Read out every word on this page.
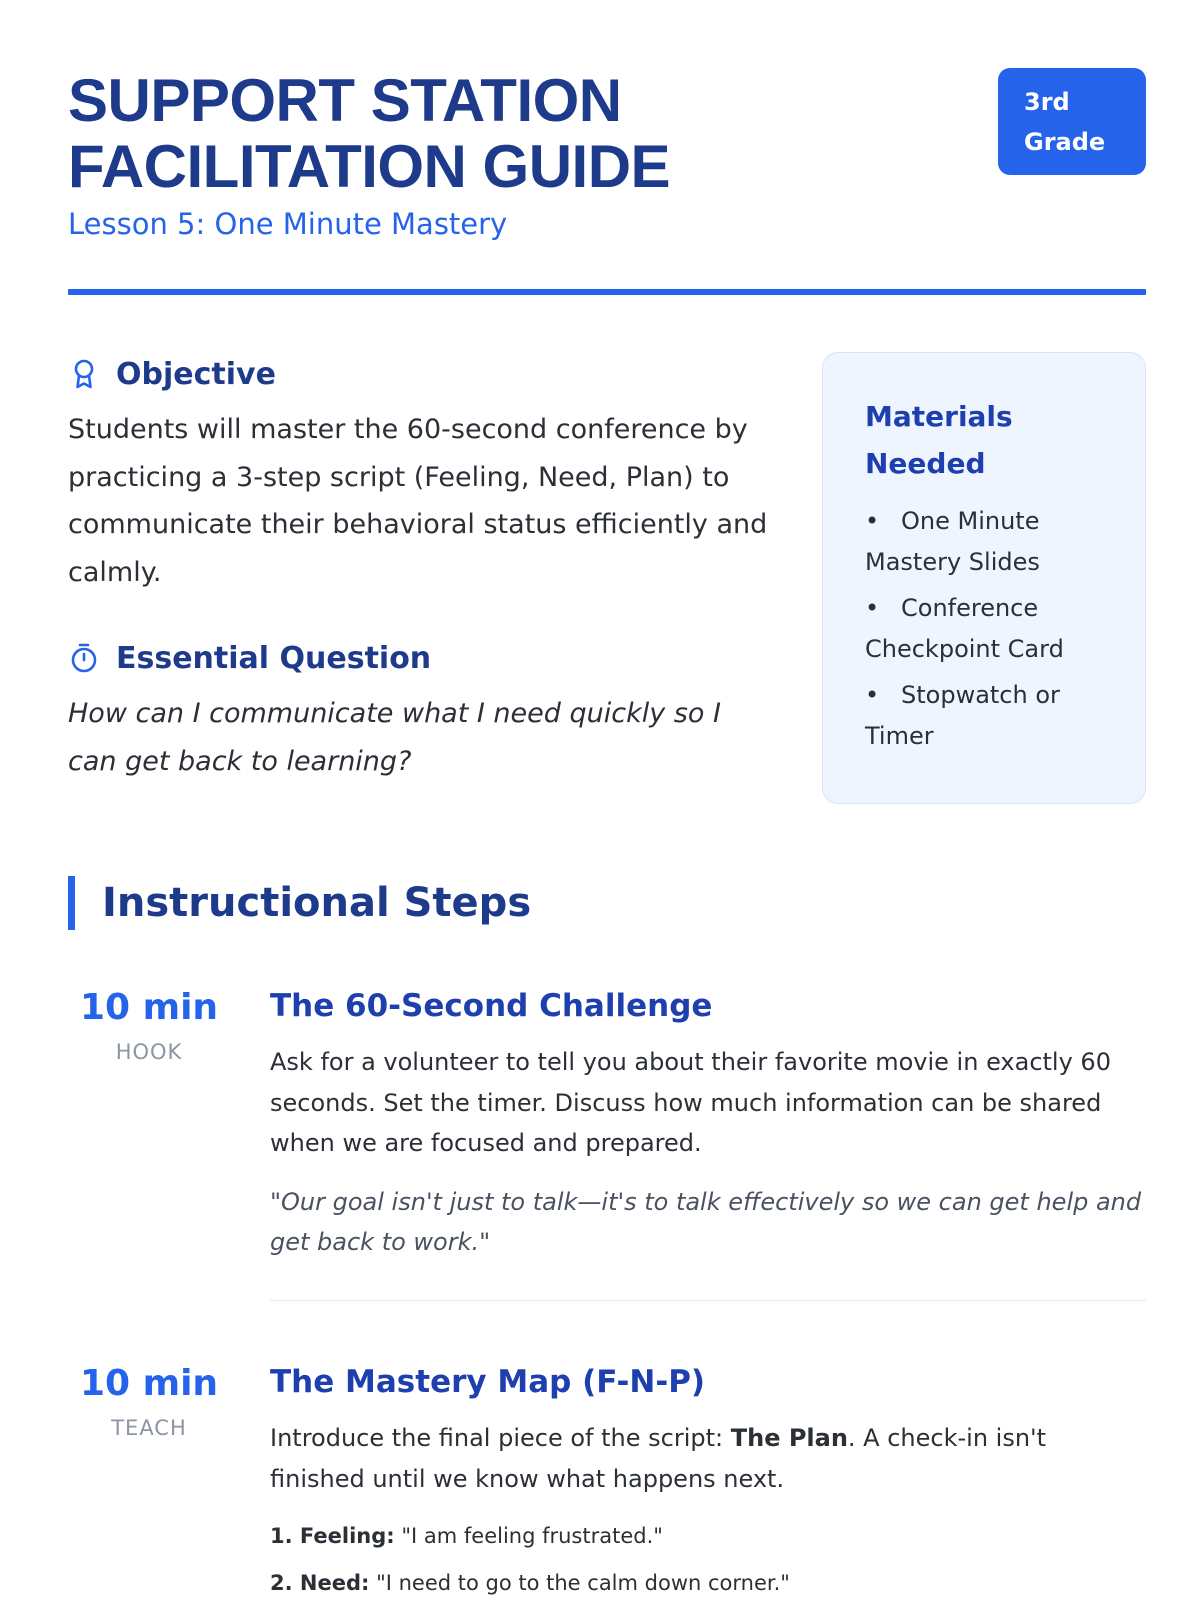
SUPPORT STATION
FACILITATION GUIDE
Lesson 5: One Minute Mastery
3rd
Grade
Objective

Students will master the 60-second conference by practicing a 3-step script (Feeling, Need, Plan) to communicate their behavioral status efficiently and calmly.

Essential Question

How can I communicate what I need quickly so I can get back to learning?

Materials Needed
• One Minute Mastery Slides
• Conference Checkpoint Card
• Stopwatch or Timer
Instructional Steps
10 min
HOOK
The 60-Second Challenge

Ask for a volunteer to tell you about their favorite movie in exactly 60 seconds. Set the timer. Discuss how much information can be shared when we are focused and prepared.

"Our goal isn't just to talk—it's to talk effectively so we can get help and get back to work."

10 min
TEACH
The Mastery Map (F-N-P)

Introduce the final piece of the script: The Plan. A check-in isn't finished until we know what happens next.

1. Feeling: "I am feeling frustrated."
2. Need: "I need to go to the calm down corner."
